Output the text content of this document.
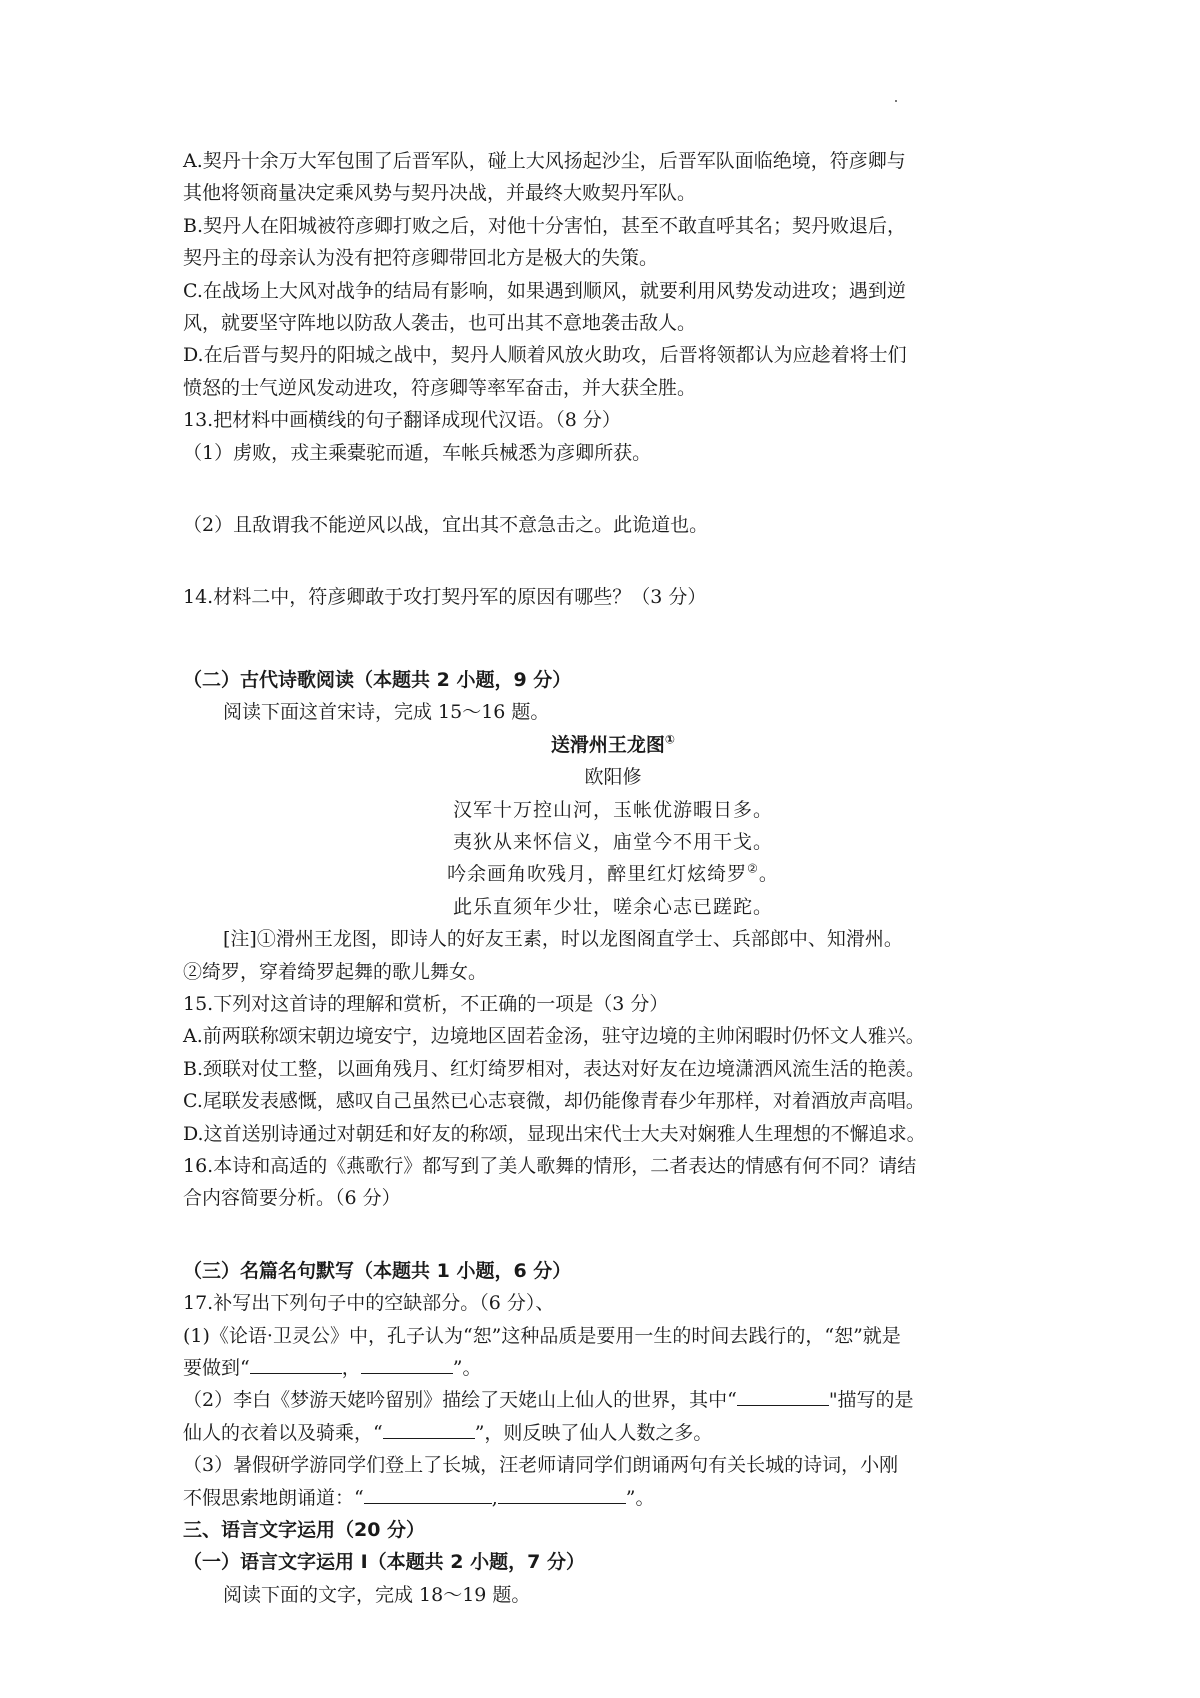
A.契丹十余万大军包围了后晋军队，碰上大风扬起沙尘，后晋军队面临绝境，符彦卿与

其他将领商量决定乘风势与契丹决战，并最终大败契丹军队。

B.契丹人在阳城被符彦卿打败之后，对他十分害怕，甚至不敢直呼其名；契丹败退后，

契丹主的母亲认为没有把符彦卿带回北方是极大的失策。

C.在战场上大风对战争的结局有影响，如果遇到顺风，就要利用风势发动进攻；遇到逆

风，就要坚守阵地以防敌人袭击，也可出其不意地袭击敌人。

D.在后晋与契丹的阳城之战中，契丹人顺着风放火助攻，后晋将领都认为应趁着将士们

愤怒的士气逆风发动进攻，符彦卿等率军奋击，并大获全胜。

13.把材料中画横线的句子翻译成现代汉语。（8 分）

（1）虏败，戎主乘橐驼而遁，车帐兵械悉为彦卿所获。

（2）且敌谓我不能逆风以战，宜出其不意急击之。此诡道也。

14.材料二中，符彦卿敢于攻打契丹军的原因有哪些？（3 分）

（二）古代诗歌阅读（本题共 2 小题，9 分）

阅读下面这首宋诗，完成 15～16 题。

送滑州王龙图①

欧阳修

汉军十万控山河，玉帐优游暇日多。

夷狄从来怀信义，庙堂今不用干戈。

吟余画角吹残月，醉里红灯炫绮罗②。

此乐直须年少壮，嗟余心志已蹉跎。

[注]①滑州王龙图，即诗人的好友王素，时以龙图阁直学士、兵部郎中、知滑州。

②绮罗，穿着绮罗起舞的歌儿舞女。

15.下列对这首诗的理解和赏析，不正确的一项是（3 分）

A.前两联称颂宋朝边境安宁，边境地区固若金汤，驻守边境的主帅闲暇时仍怀文人雅兴。

B.颈联对仗工整，以画角残月、红灯绮罗相对，表达对好友在边境潇洒风流生活的艳羡。

C.尾联发表感慨，感叹自己虽然已心志衰微，却仍能像青春少年那样，对着酒放声高唱。

D.这首送别诗通过对朝廷和好友的称颂，显现出宋代士大夫对娴雅人生理想的不懈追求。

16.本诗和高适的《燕歌行》都写到了美人歌舞的情形，二者表达的情感有何不同？请结

合内容简要分析。（6 分）

（三）名篇名句默写（本题共 1 小题，6 分）

17.补写出下列句子中的空缺部分。（6 分）、

(1)《论语·卫灵公》中，孔子认为“恕”这种品质是要用一生的时间去践行的，“恕”就是

要做到“	，	”。

（2）李白《梦游天姥吟留别》描绘了天姥山上仙人的世界，其中“	"描写的是

仙人的衣着以及骑乘，“	”，则反映了仙人人数之多。

（3）暑假研学游同学们登上了长城，汪老师请同学们朗诵两句有关长城的诗词，小刚

不假思索地朗诵道：“	,	”。

三、语言文字运用（20 分）

（一）语言文字运用 I（本题共 2 小题，7 分）

阅读下面的文字，完成 18～19 题。
